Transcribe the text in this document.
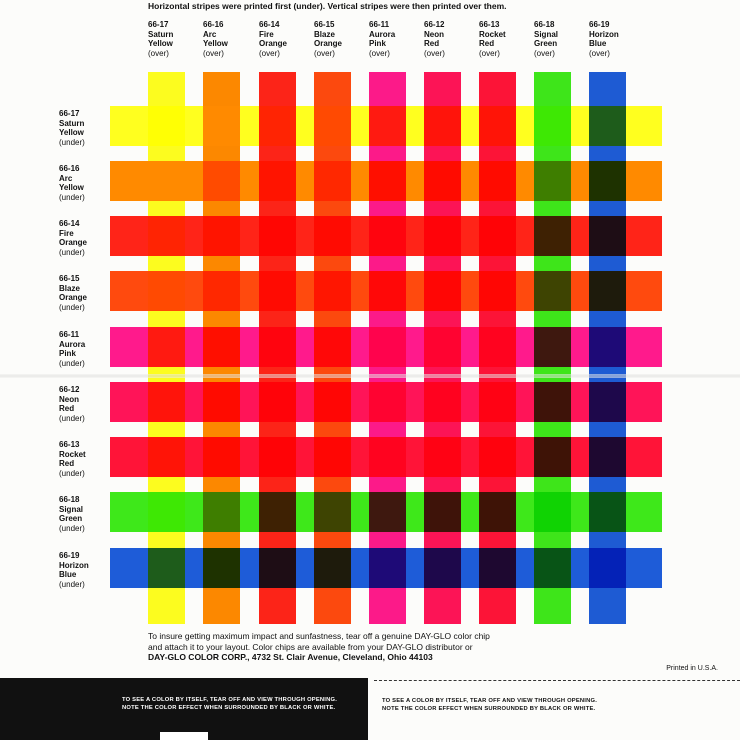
Horizontal stripes were printed first (under). Vertical stripes were then printed over them.
66-17
Saturn
Yellow
(over)
66-16
Arc
Yellow
(over)
66-14
Fire
Orange
(over)
66-15
Blaze
Orange
(over)
66-11
Aurora
Pink
(over)
66-12
Neon
Red
(over)
66-13
Rocket
Red
(over)
66-18
Signal
Green
(over)
66-19
Horizon
Blue
(over)
66-17
Saturn
Yellow
(under)
66-16
Arc
Yellow
(under)
66-14
Fire
Orange
(under)
66-15
Blaze
Orange
(under)
66-11
Aurora
Pink
(under)
66-12
Neon
Red
(under)
66-13
Rocket
Red
(under)
66-18
Signal
Green
(under)
66-19
Horizon
Blue
(under)
To insure getting maximum impact and sunfastness, tear off a genuine DAY-GLO color chip
and attach it to your layout. Color chips are available from your DAY-GLO distributor or
DAY-GLO COLOR CORP., 4732 St. Clair Avenue, Cleveland, Ohio 44103
Printed in U.S.A.
TO SEE A COLOR BY ITSELF, TEAR OFF AND VIEW THROUGH OPENING.
NOTE THE COLOR EFFECT WHEN SURROUNDED BY BLACK OR WHITE.
TO SEE A COLOR BY ITSELF, TEAR OFF AND VIEW THROUGH OPENING.
NOTE THE COLOR EFFECT WHEN SURROUNDED BY BLACK OR WHITE.
